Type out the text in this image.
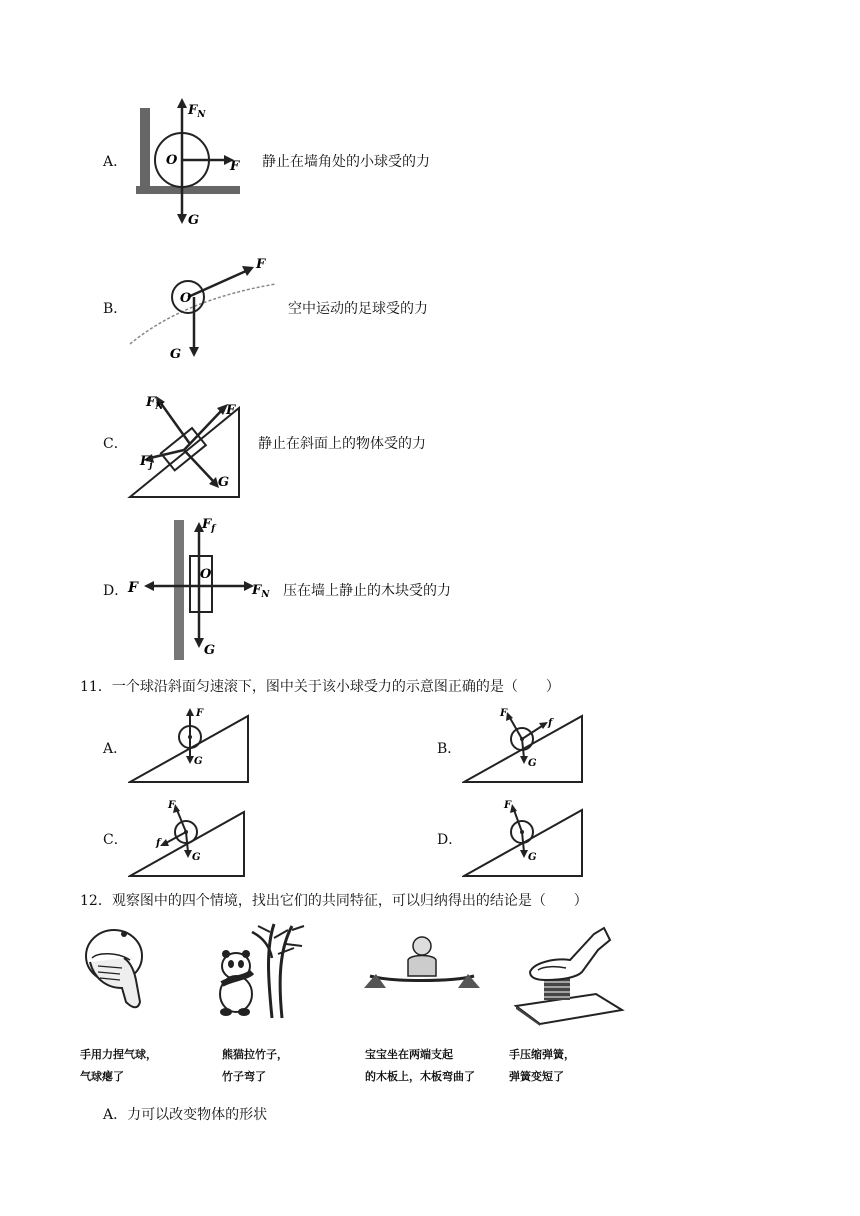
A．
$F_N$
O	F
G
静止在墙角处的小球受的力
B．
F
O
G
空中运动的足球受的力
C．
$F_N$	F
$F_j$
G
静止在斜面上的物体受的力
D．
$F_f$
O
F	$F_N$
G
压在墙上静止的木块受的力
11．一个球沿斜面匀速滚下，图中关于该小球受力的示意图正确的是（　　）
A．
F
G
B．
F
f
G
C．
F
f
G
D．
F
G
12．观察图中的四个情境，找出它们的共同特征，可以归纳得出的结论是（　　）
手用力捏气球，
气球瘪了
熊猫拉竹子，
竹子弯了
宝宝坐在两端支起
的木板上，木板弯曲了
手压缩弹簧，
弹簧变短了
A．力可以改变物体的形状
